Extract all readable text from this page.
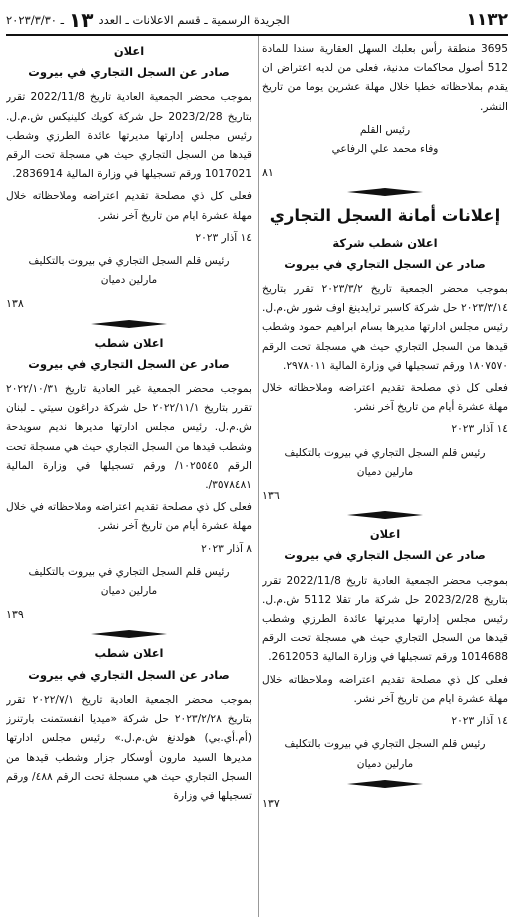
١١٣٢
الجريدة الرسمية ـ قسم الاعلانات ـ العدد
١٣
ـ ٢٠٢٣/٣/٣٠

3695 منطقة رأس بعلبك السهل العقارية سندا للمادة 512 أصول محاكمات مدنية، فعلى من لديه اعتراض ان يقدم بملاحظاته خطيا خلال مهلة عشرين يوما من تاريخ النشر.

رئيس القلم

وفاء محمد علي الرفاعي

٨١

إعلانات أمانة السجل التجاري

اعلان شطب شركة

صادر عن السجل التجاري في بيروت

بموجب محضر الجمعية تاريخ ٢٠٢٣/٣/٢ تقرر بتاريخ ٢٠٢٣/٣/١٤ حل شركة كاسبر ترايدينغ اوف شور ش.م.ل. رئيس مجلس ادارتها مديرها بسام ابراهيم حمود وشطب قيدها من السجل التجاري حيث هي مسجلة تحت الرقم ١٨٠٧٥٧٠ ورقم تسجيلها في وزارة المالية ٢٩٧٨٠١١.

فعلى كل ذي مصلحة تقديم اعتراضه وملاحظاته خلال مهلة عشرة أيام من تاريخ آخر نشر.

١٤ آذار ٢٠٢٣

رئيس قلم السجل التجاري في بيروت بالتكليف

مارلين دميان

١٣٦

اعلان

صادر عن السجل التجاري في بيروت

بموجب محضر الجمعية العادية تاريخ 2022/11/8 تقرر بتاريخ 2023/2/28 حل شركة مار تقلا 5112 ش.م.ل. رئيس مجلس إدارتها مديرتها عائدة الطرزي وشطب قيدها من السجل التجاري حيث هي مسجلة تحت الرقم 1014688 ورقم تسجيلها في وزارة المالية 2612053.

فعلى كل ذي مصلحة تقديم اعتراضه وملاحظاته خلال مهلة عشرة ايام من تاريخ آخر نشر.

١٤ آذار ٢٠٢٣

رئيس قلم السجل التجاري في بيروت بالتكليف

مارلين دميان

١٣٧

اعلان

صادر عن السجل التجاري في بيروت

بموجب محضر الجمعية العادية تاريخ 2022/11/8 تقرر بتاريخ 2023/2/28 حل شركة كويك كلينيكس ش.م.ل. رئيس مجلس إدارتها مديرتها عائدة الطرزي وشطب قيدها من السجل التجاري حيث هي مسجلة تحت الرقم 1017021 ورقم تسجيلها في وزارة المالية 2836914.

فعلى كل ذي مصلحة تقديم اعتراضه وملاحظاته خلال مهلة عشرة ايام من تاريخ آخر نشر.

١٤ آذار ٢٠٢٣

رئيس قلم السجل التجاري في بيروت بالتكليف

مارلين دميان

١٣٨

اعلان شطب

صادر عن السجل التجاري في بيروت

بموجب محضر الجمعية غير العادية تاريخ ٢٠٢٢/١٠/٣١ تقرر بتاريخ ٢٠٢٢/١١/١ حل شركة دراغون سيتي ـ لبنان ش.م.ل. رئيس مجلس ادارتها مديرها نديم سويدحة وشطب قيدها من السجل التجاري حيث هي مسجلة تحت الرقم ١٠٢٥٥٤٥/ ورقم تسجيلها في وزارة المالية ٣٥٧٨٤٨١/.

فعلى كل ذي مصلحة تقديم اعتراضه وملاحظاته في خلال مهلة عشرة أيام من تاريخ آخر نشر.

٨ آذار ٢٠٢٣

رئيس قلم السجل التجاري في بيروت بالتكليف

مارلين دميان

١٣٩

اعلان شطب

صادر عن السجل التجاري في بيروت

بموجب محضر الجمعية العادية تاريخ ٢٠٢٢/٧/١ تقرر بتاريخ ٢٠٢٣/٢/٢٨ حل شركة «ميديا انفستمنت بارتنرز (أم.أي.بي) هولدنغ ش.م.ل.» رئيس مجلس ادارتها مديرها السيد مارون أوسكار جزار وشطب قيدها من السجل التجاري حيث هي مسجلة تحت الرقم ٤٨٨/ ورقم تسجيلها في وزارة
